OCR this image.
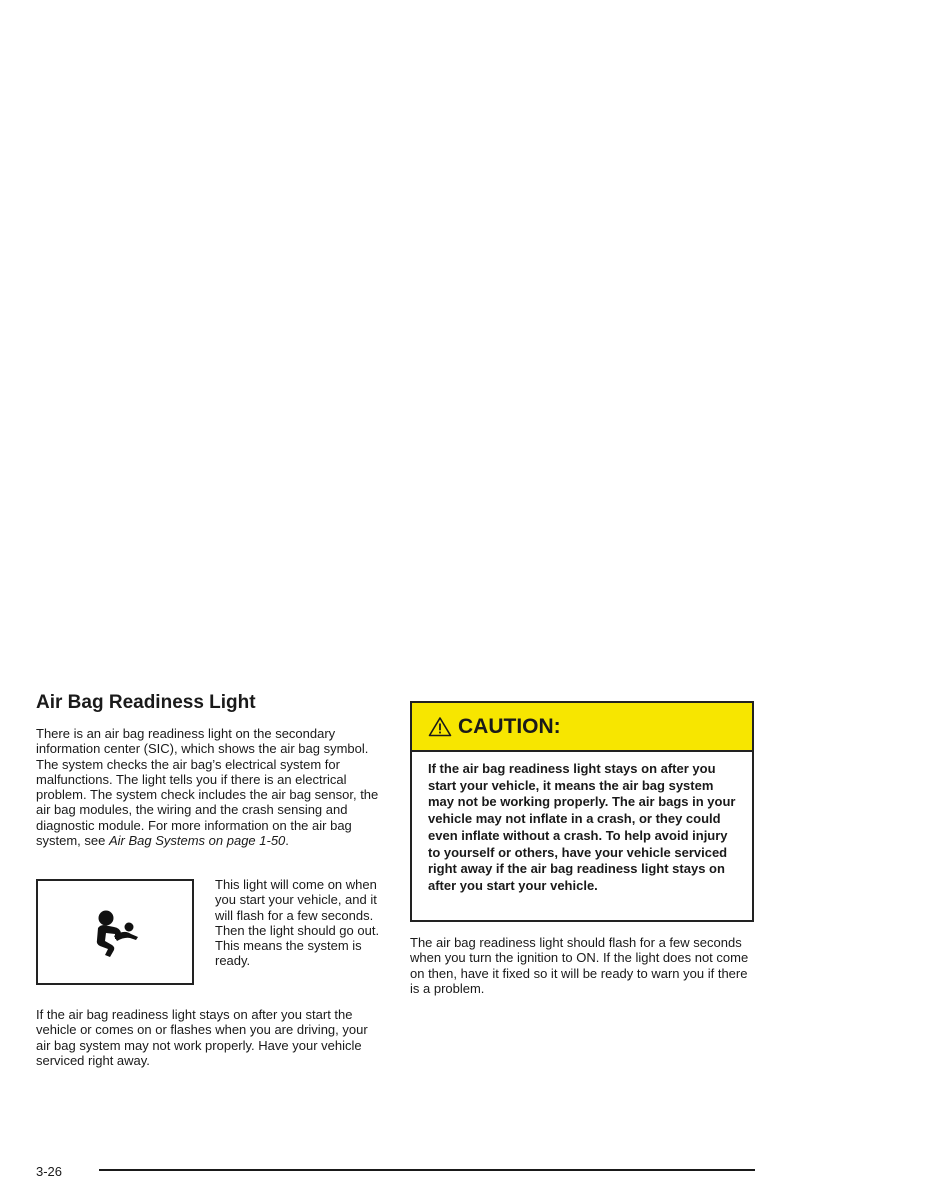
Air Bag Readiness Light

There is an air bag readiness light on the secondary information center (SIC), which shows the air bag symbol. The system checks the air bag’s electrical system for malfunctions. The light tells you if there is an electrical problem. The system check includes the air bag sensor, the air bag modules, the wiring and the crash sensing and diagnostic module. For more information on the air bag system, see Air Bag Systems on page 1-50.

This light will come on when you start your vehicle, and it will flash for a few seconds. Then the light should go out. This means the system is ready.

If the air bag readiness light stays on after you start the vehicle or comes on or flashes when you are driving, your air bag system may not work properly. Have your vehicle serviced right away.

CAUTION:
If the air bag readiness light stays on after you start your vehicle, it means the air bag system may not be working properly. The air bags in your vehicle may not inflate in a crash, or they could even inflate without a crash. To help avoid injury to yourself or others, have your vehicle serviced right away if the air bag readiness light stays on after you start your vehicle.

The air bag readiness light should flash for a few seconds when you turn the ignition to ON. If the light does not come on then, have it fixed so it will be ready to warn you if there is a problem.

3-26
